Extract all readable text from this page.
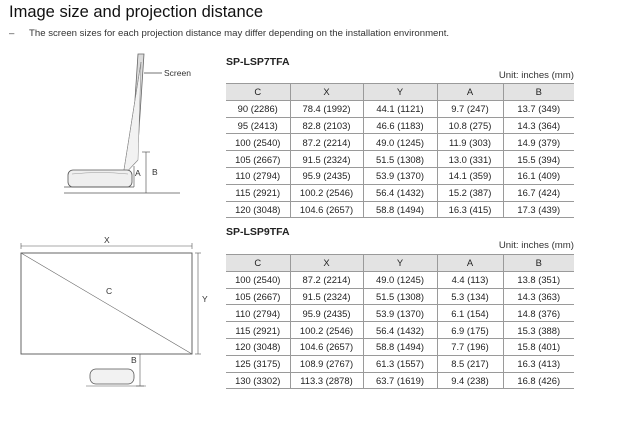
Image size and projection distance
– The screen sizes for each projection distance may differ depending on the installation environment.
Screen
A B
C
X
Y
B
SP-LSP7TFA
Unit: inches (mm)
C	X	Y	A	B
90 (2286)	78.4 (1992)	44.1 (1121)	9.7 (247)	13.7 (349)
95 (2413)	82.8 (2103)	46.6 (1183)	10.8 (275)	14.3 (364)
100 (2540)	87.2 (2214)	49.0 (1245)	11.9 (303)	14.9 (379)
105 (2667)	91.5 (2324)	51.5 (1308)	13.0 (331)	15.5 (394)
110 (2794)	95.9 (2435)	53.9 (1370)	14.1 (359)	16.1 (409)
115 (2921)	100.2 (2546)	56.4 (1432)	15.2 (387)	16.7 (424)
120 (3048)	104.6 (2657)	58.8 (1494)	16.3 (415)	17.3 (439)
SP-LSP9TFA
Unit: inches (mm)
C	X	Y	A	B
100 (2540)	87.2 (2214)	49.0 (1245)	4.4 (113)	13.8 (351)
105 (2667)	91.5 (2324)	51.5 (1308)	5.3 (134)	14.3 (363)
110 (2794)	95.9 (2435)	53.9 (1370)	6.1 (154)	14.8 (376)
115 (2921)	100.2 (2546)	56.4 (1432)	6.9 (175)	15.3 (388)
120 (3048)	104.6 (2657)	58.8 (1494)	7.7 (196)	15.8 (401)
125 (3175)	108.9 (2767)	61.3 (1557)	8.5 (217)	16.3 (413)
130 (3302)	113.3 (2878)	63.7 (1619)	9.4 (238)	16.8 (426)
